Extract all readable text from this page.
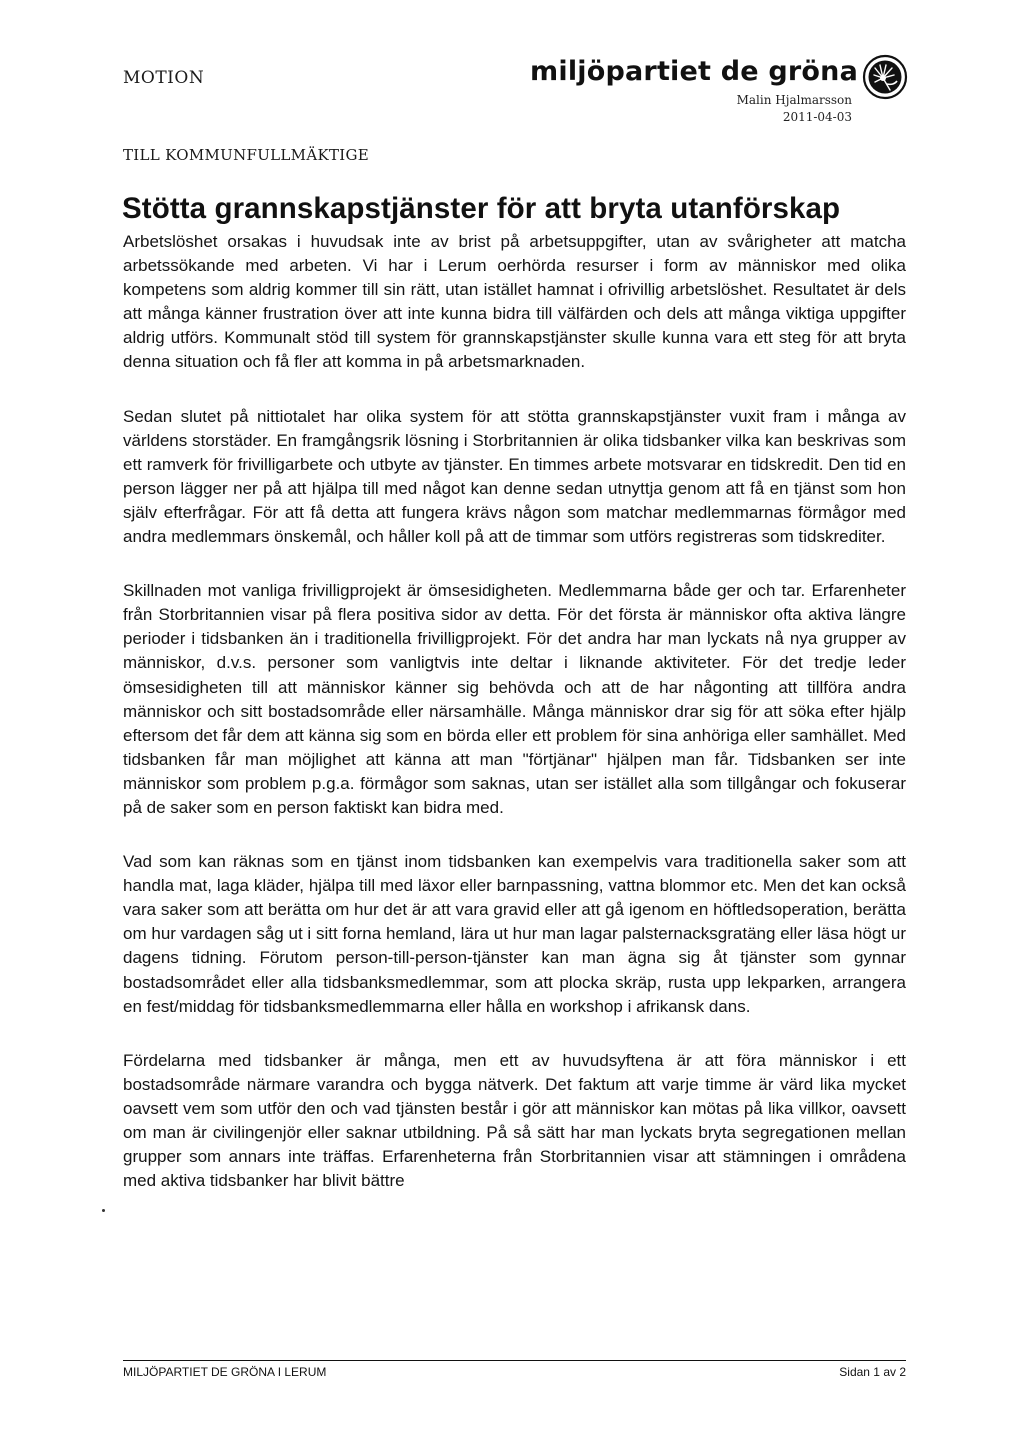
MOTION	miljöpartiet de gröna
Malin Hjalmarsson
2011-04-03
TILL KOMMUNFULLMÄKTIGE
Stötta grannskapstjänster för att bryta utanförskap

Arbetslöshet orsakas i huvudsak inte av brist på arbetsuppgifter, utan av svårigheter att matcha arbetssökande med arbeten. Vi har i Lerum oerhörda resurser i form av människor med olika kompetens som aldrig kommer till sin rätt, utan istället hamnat i ofrivillig arbetslöshet. Resultatet är dels att många känner frustration över att inte kunna bidra till välfärden och dels att många viktiga uppgifter aldrig utförs. Kommunalt stöd till system för grannskapstjänster skulle kunna vara ett steg för att bryta denna situation och få fler att komma in på arbetsmarknaden.

Sedan slutet på nittiotalet har olika system för att stötta grannskapstjänster vuxit fram i många av världens storstäder. En framgångsrik lösning i Storbritannien är olika tidsbanker vilka kan beskrivas som ett ramverk för frivilligarbete och utbyte av tjänster. En timmes arbete motsvarar en tidskredit. Den tid en person lägger ner på att hjälpa till med något kan denne sedan utnyttja genom att få en tjänst som hon själv efterfrågar. För att få detta att fungera krävs någon som matchar medlemmarnas förmågor med andra medlemmars önskemål, och håller koll på att de timmar som utförs registreras som tidskrediter.

Skillnaden mot vanliga frivilligprojekt är ömsesidigheten. Medlemmarna både ger och tar. Erfarenheter från Storbritannien visar på flera positiva sidor av detta. För det första är människor ofta aktiva längre perioder i tidsbanken än i traditionella frivilligprojekt. För det andra har man lyckats nå nya grupper av människor, d.v.s. personer som vanligtvis inte deltar i liknande aktiviteter. För det tredje leder ömsesidigheten till att människor känner sig behövda och att de har någonting att tillföra andra människor och sitt bostadsområde eller närsamhälle. Många människor drar sig för att söka efter hjälp eftersom det får dem att känna sig som en börda eller ett problem för sina anhöriga eller samhället. Med tidsbanken får man möjlighet att känna att man "förtjänar" hjälpen man får. Tidsbanken ser inte människor som problem p.g.a. förmågor som saknas, utan ser istället alla som tillgångar och fokuserar på de saker som en person faktiskt kan bidra med.

Vad som kan räknas som en tjänst inom tidsbanken kan exempelvis vara traditionella saker som att handla mat, laga kläder, hjälpa till med läxor eller barnpassning, vattna blommor etc. Men det kan också vara saker som att berätta om hur det är att vara gravid eller att gå igenom en höftledsoperation, berätta om hur vardagen såg ut i sitt forna hemland, lära ut hur man lagar palsternacksgratäng eller läsa högt ur dagens tidning. Förutom person-till-person-tjänster kan man ägna sig åt tjänster som gynnar bostadsområdet eller alla tidsbanksmedlemmar, som att plocka skräp, rusta upp lekparken, arrangera en fest/middag för tidsbanksmedlemmarna eller hålla en workshop i afrikansk dans.

Fördelarna med tidsbanker är många, men ett av huvudsyftena är att föra människor i ett bostadsområde närmare varandra och bygga nätverk. Det faktum att varje timme är värd lika mycket oavsett vem som utför den och vad tjänsten består i gör att människor kan mötas på lika villkor, oavsett om man är civilingenjör eller saknar utbildning. På så sätt har man lyckats bryta segregationen mellan grupper som annars inte träffas. Erfarenheterna från Storbritannien visar att stämningen i områdena med aktiva tidsbanker har blivit bättre

MILJÖPARTIET DE GRÖNA I LERUM	Sidan 1 av 2
